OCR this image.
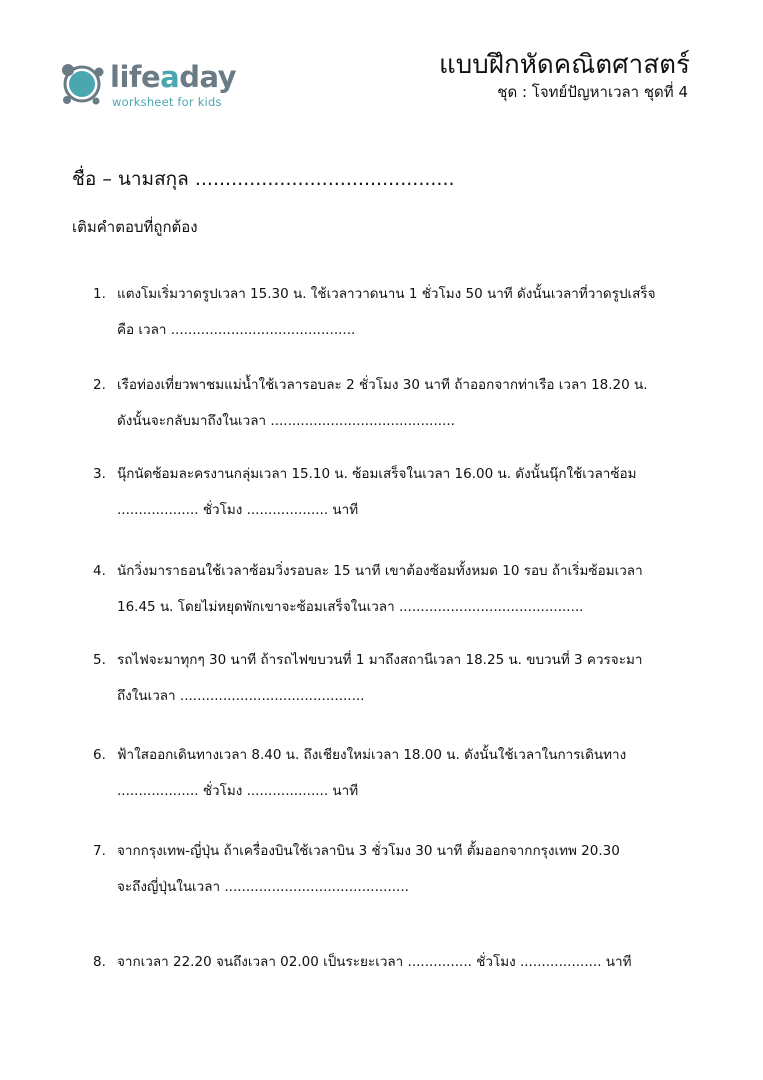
lifeaday
worksheet for kids
แบบฝึกหัดคณิตศาสตร์
ชุด : โจทย์ปัญหาเวลา ชุดที่ 4
ชื่อ – นามสกุล ...........................................
เติมคำตอบที่ถูกต้อง
1. แตงโมเริ่มวาดรูปเวลา 15.30 น. ใช้เวลาวาดนาน 1 ชั่วโมง 50 นาที ดังนั้นเวลาที่วาดรูปเสร็จ
คือ เวลา ...........................................
2. เรือท่องเที่ยวพาชมแม่น้ำใช้เวลารอบละ 2 ชั่วโมง 30 นาที ถ้าออกจากท่าเรือ เวลา 18.20 น.
ดังนั้นจะกลับมาถึงในเวลา ...........................................
3. นุ๊กนัดซ้อมละครงานกลุ่มเวลา 15.10 น. ซ้อมเสร็จในเวลา 16.00 น. ดังนั้นนุ๊กใช้เวลาซ้อม
................... ชั่วโมง ................... นาที
4. นักวิ่งมาราธอนใช้เวลาซ้อมวิ่งรอบละ 15 นาที เขาต้องซ้อมทั้งหมด 10 รอบ ถ้าเริ่มซ้อมเวลา
16.45 น. โดยไม่หยุดพักเขาจะซ้อมเสร็จในเวลา ...........................................
5. รถไฟจะมาทุกๆ 30 นาที ถ้ารถไฟขบวนที่ 1 มาถึงสถานีเวลา 18.25 น. ขบวนที่ 3 ควรจะมา
ถึงในเวลา ...........................................
6. ฟ้าใสออกเดินทางเวลา 8.40 น. ถึงเชียงใหม่เวลา 18.00 น. ดังนั้นใช้เวลาในการเดินทาง
................... ชั่วโมง ................... นาที
7. จากกรุงเทพ-ญี่ปุ่น ถ้าเครื่องบินใช้เวลาบิน 3 ชั่วโมง 30 นาที ตั้มออกจากกรุงเทพ 20.30
จะถึงญี่ปุ่นในเวลา ...........................................
8. จากเวลา 22.20 จนถึงเวลา 02.00 เป็นระยะเวลา ............... ชั่วโมง ................... นาที
